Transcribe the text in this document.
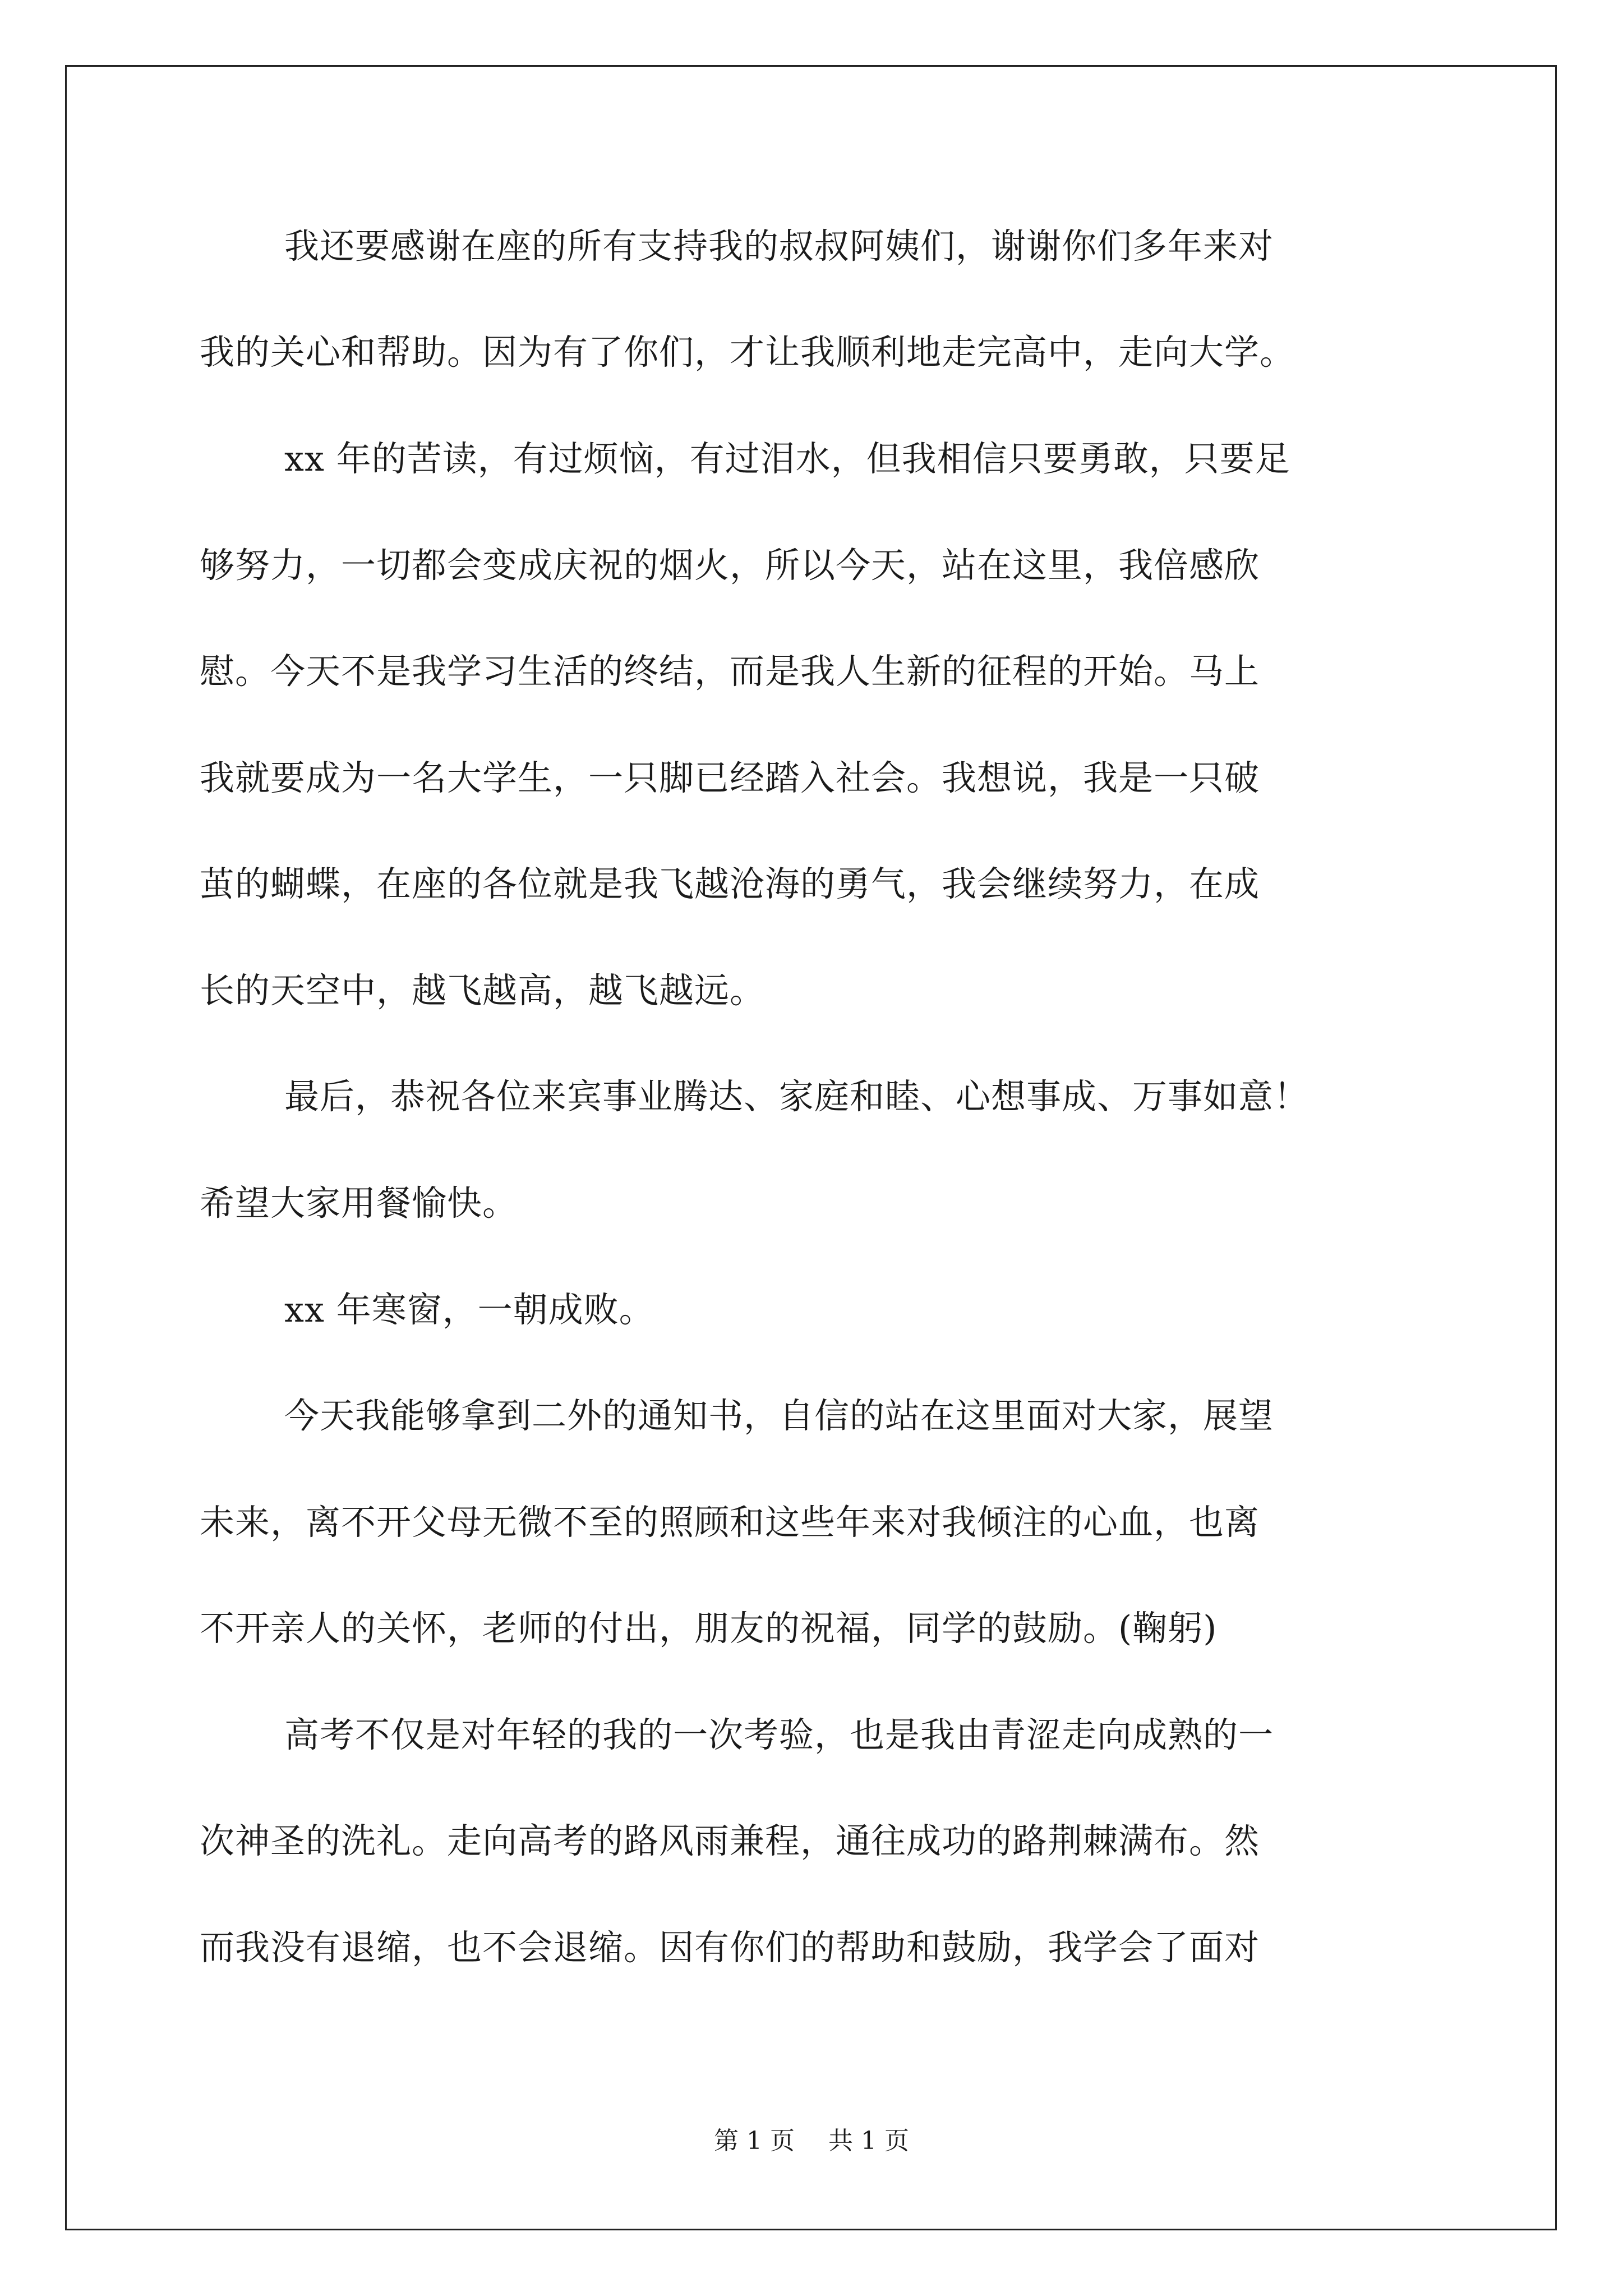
我还要感谢在座的所有支持我的叔叔阿姨们，谢谢你们多年来对
我的关心和帮助。因为有了你们，才让我顺利地走完高中，走向大学。
xx 年的苦读，有过烦恼，有过泪水，但我相信只要勇敢，只要足
够努力，一切都会变成庆祝的烟火，所以今天，站在这里，我倍感欣
慰。今天不是我学习生活的终结，而是我人生新的征程的开始。马上
我就要成为一名大学生，一只脚已经踏入社会。我想说，我是一只破
茧的蝴蝶，在座的各位就是我飞越沧海的勇气，我会继续努力，在成
长的天空中，越飞越高，越飞越远。
最后，恭祝各位来宾事业腾达、家庭和睦、心想事成、万事如意！
希望大家用餐愉快。
xx 年寒窗，一朝成败。
今天我能够拿到二外的通知书，自信的站在这里面对大家，展望
未来，离不开父母无微不至的照顾和这些年来对我倾注的心血，也离
不开亲人的关怀，老师的付出，朋友的祝福，同学的鼓励。(鞠躬)
高考不仅是对年轻的我的一次考验，也是我由青涩走向成熟的一
次神圣的洗礼。走向高考的路风雨兼程，通往成功的路荆棘满布。然
而我没有退缩，也不会退缩。因有你们的帮助和鼓励，我学会了面对
第 1 页 共 1 页
